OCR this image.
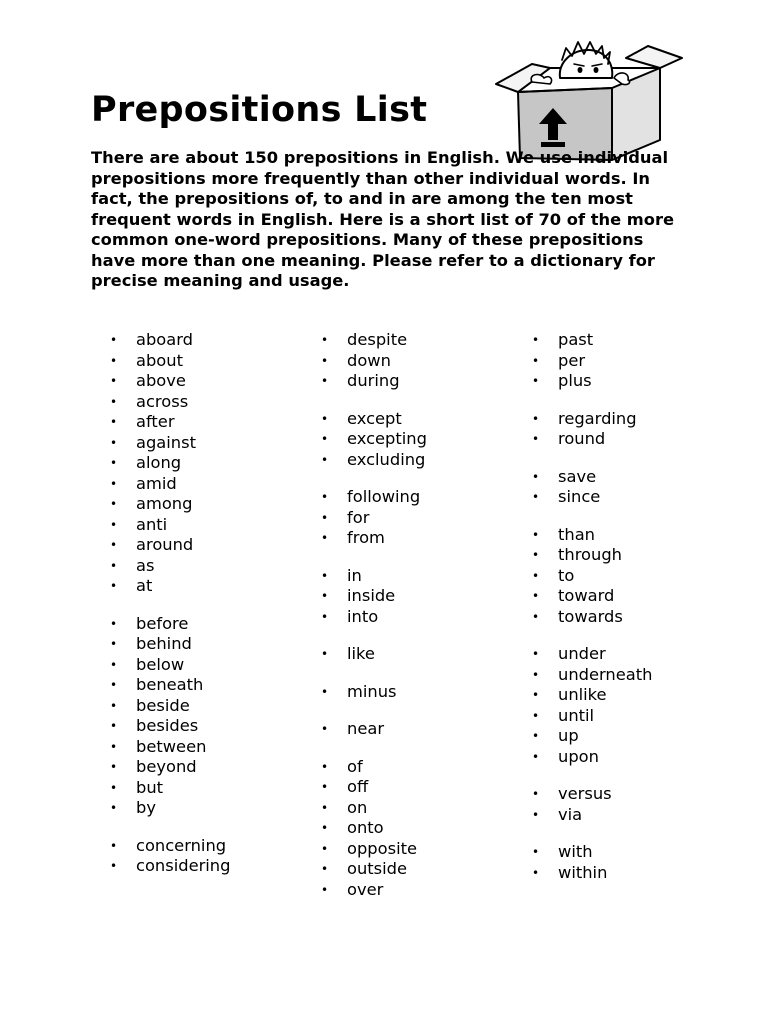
Prepositions List

There are about 150 prepositions in English. We use individual prepositions more frequently than other individual words. In fact, the prepositions of, to and in are among the ten most frequent words in English. Here is a short list of 70 of the more common one-word prepositions. Many of these prepositions have more than one meaning. Please refer to a dictionary for precise meaning and usage.

• aboard
• about
• above
• across
• after
• against
• along
• amid
• among
• anti
• around
• as
• at
• before
• behind
• below
• beneath
• beside
• besides
• between
• beyond
• but
• by
• concerning
• considering
• despite
• down
• during
• except
• excepting
• excluding
• following
• for
• from
• in
• inside
• into
• like
• minus
• near
• of
• off
• on
• onto
• opposite
• outside
• over
• past
• per
• plus
• regarding
• round
• save
• since
• than
• through
• to
• toward
• towards
• under
• underneath
• unlike
• until
• up
• upon
• versus
• via
• with
• within
